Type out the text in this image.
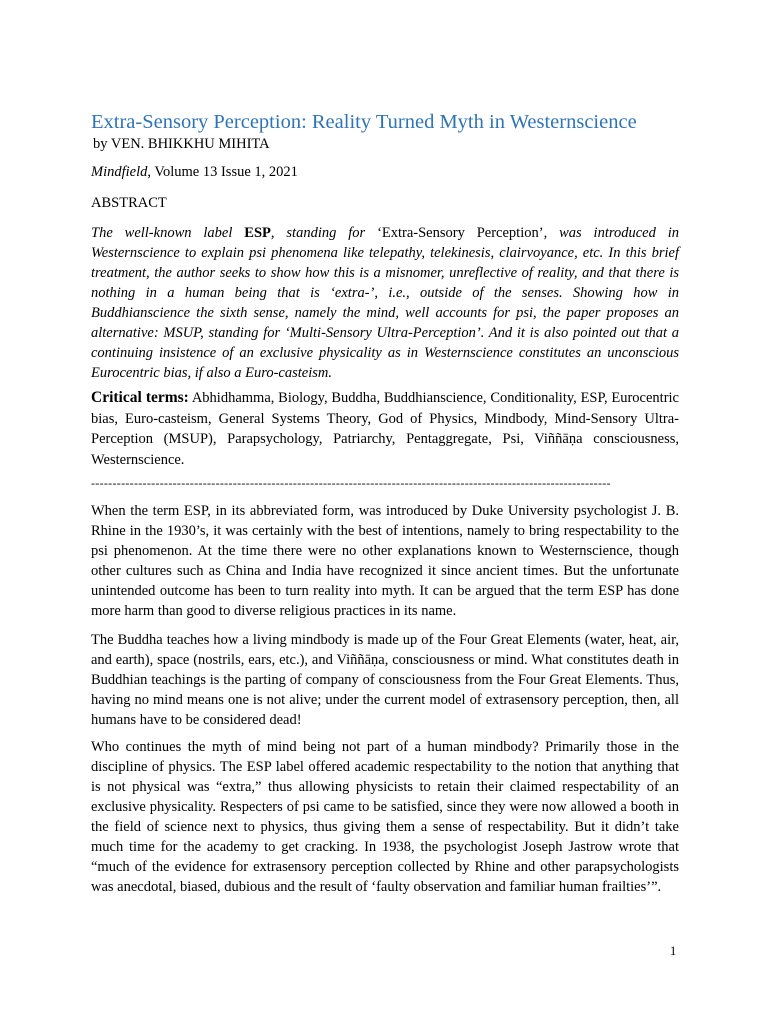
Extra-Sensory Perception: Reality Turned Myth in Westernscience
by VEN. BHIKKHU MIHITA
Mindfield, Volume 13 Issue 1, 2021
ABSTRACT
The well-known label ESP, standing for ‘Extra-Sensory Perception’, was introduced in Westernscience to explain psi phenomena like telepathy, telekinesis, clairvoyance, etc. In this brief treatment, the author seeks to show how this is a misnomer, unreflective of reality, and that there is nothing in a human being that is ‘extra-’, i.e., outside of the senses. Showing how in Buddhianscience the sixth sense, namely the mind, well accounts for psi, the paper proposes an alternative: MSUP, standing for ‘Multi-Sensory Ultra-Perception’. And it is also pointed out that a continuing insistence of an exclusive physicality as in Westernscience constitutes an unconscious Eurocentric bias, if also a Euro-casteism.
Critical terms: Abhidhamma, Biology, Buddha, Buddhianscience, Conditionality, ESP, Eurocentric bias, Euro-casteism, General Systems Theory, God of Physics, Mindbody, Mind-Sensory Ultra-Perception (MSUP), Parapsychology, Patriarchy, Pentaggregate, Psi, Viññāṇa consciousness, Westernscience.
-------------------------------------------------------------------------------------------------------------------------
When the term ESP, in its abbreviated form, was introduced by Duke University psychologist J. B. Rhine in the 1930’s, it was certainly with the best of intentions, namely to bring respectability to the psi phenomenon. At the time there were no other explanations known to Westernscience, though other cultures such as China and India have recognized it since ancient times. But the unfortunate unintended outcome has been to turn reality into myth. It can be argued that the term ESP has done more harm than good to diverse religious practices in its name.
The Buddha teaches how a living mindbody is made up of the Four Great Elements (water, heat, air, and earth), space (nostrils, ears, etc.), and Viññāṇa, consciousness or mind. What constitutes death in Buddhian teachings is the parting of company of consciousness from the Four Great Elements. Thus, having no mind means one is not alive; under the current model of extrasensory perception, then, all humans have to be considered dead!
Who continues the myth of mind being not part of a human mindbody? Primarily those in the discipline of physics. The ESP label offered academic respectability to the notion that anything that is not physical was “extra,” thus allowing physicists to retain their claimed respectability of an exclusive physicality. Respecters of psi came to be satisfied, since they were now allowed a booth in the field of science next to physics, thus giving them a sense of respectability. But it didn’t take much time for the academy to get cracking. In 1938, the psychologist Joseph Jastrow wrote that “much of the evidence for extrasensory perception collected by Rhine and other parapsychologists was anecdotal, biased, dubious and the result of ‘faulty observation and familiar human frailties’”.
1
